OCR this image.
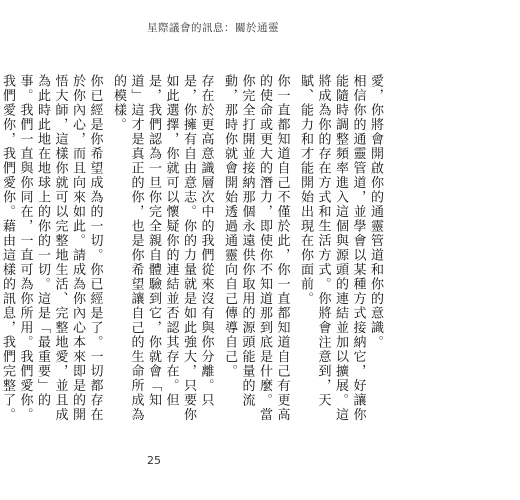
星際議會的訊息：關於通靈

愛，你將會開啟你的通靈管道和你的意識。

相信你的通靈管道，並學會以某種方式接納它，好讓你能隨時調整頻率進入這個與源頭的連結並加以擴展。這將成為你的存在方式和生活方式。你將會注意到，天賦、能力和才能開始出現在你面前。

你一直都知道自己不僅於此，你一直都知道自己有更高的使命或更大的潛力，即使你不知道那到底是什麼。當你完全打開並接納那個永遠供你取用的源頭能量的流動，那時你就會開始透過通靈向自己傳導自己。

存在於更高意識層次中的我們從來沒有與你分離。只是，你擁有自由意志。你的力量就是如此強大，只要你如此選擇，你就可以懷疑你的連結並否認其存在。但是，我們認為一旦你完全親自體驗到它，你就會「知道」這才是真正的你，也是你希望讓自己的生命所成為的模樣。

你已經是你希望成為的一切。你已經是了。一切都存在於你內心，而且向來如此。請成為你內心本來即是的開悟大師，這樣你就可以完整地生活、完整地愛，並且成為此時此地在地球上的你的一切。這是「最重要」的事。我們一直與你同在，一直可為你所用。我們愛你。我們愛你，我們愛你。藉由這樣的訊息，我們完整了。

25
